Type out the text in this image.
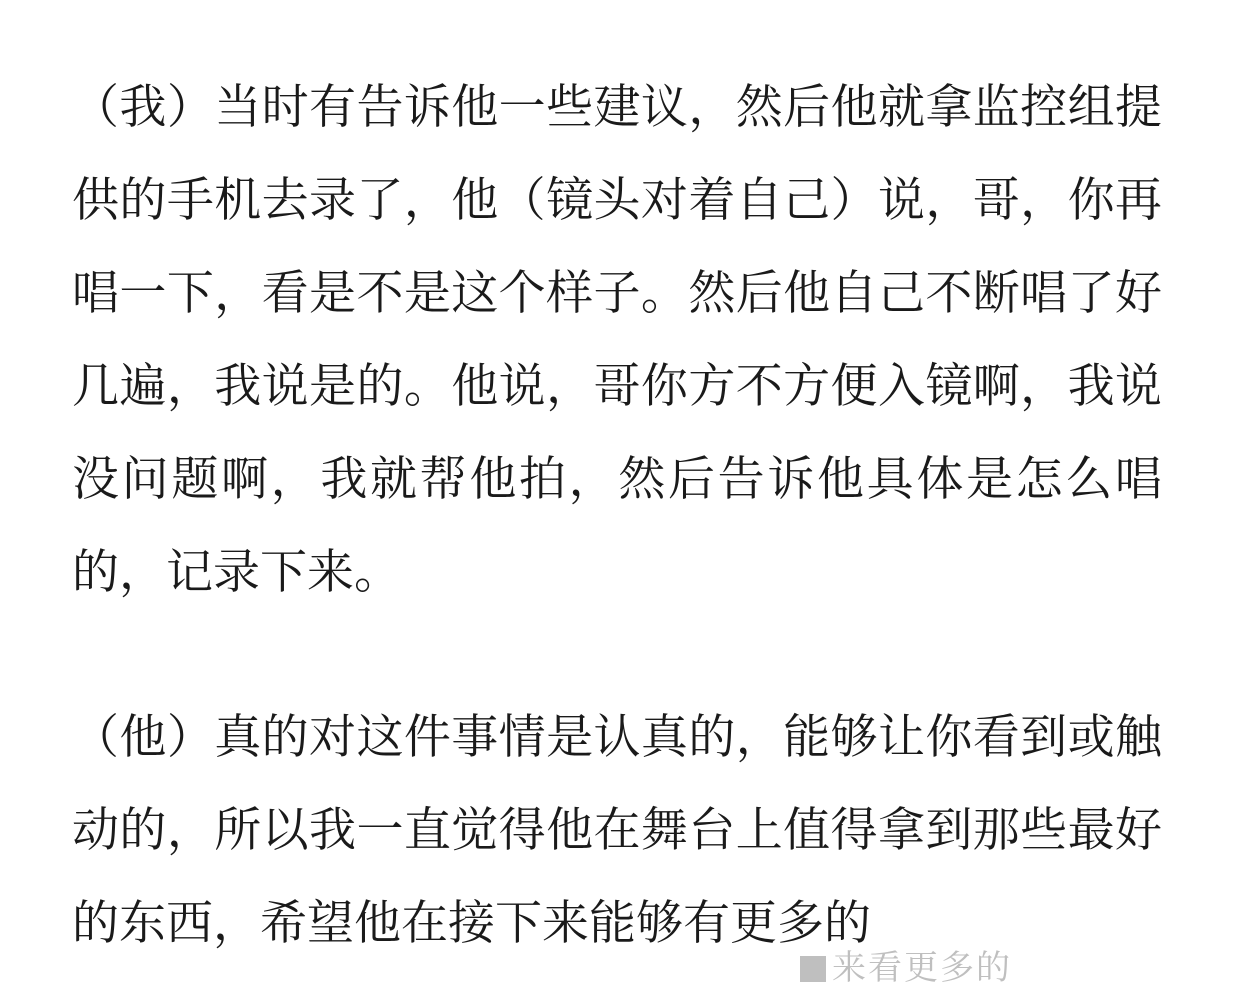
（我）当时有告诉他一些建议，然后他就拿监控组提供的手机去录了，他（镜头对着自己）说，哥，你再唱一下，看是不是这个样子。然后他自己不断唱了好几遍，我说是的。他说，哥你方不方便入镜啊，我说没问题啊，我就帮他拍，然后告诉他具体是怎么唱的，记录下来。

（他）真的对这件事情是认真的，能够让你看到或触动的，所以我一直觉得他在舞台上值得拿到那些最好的东西，希望他在接下来能够有更多的

来看更多的
